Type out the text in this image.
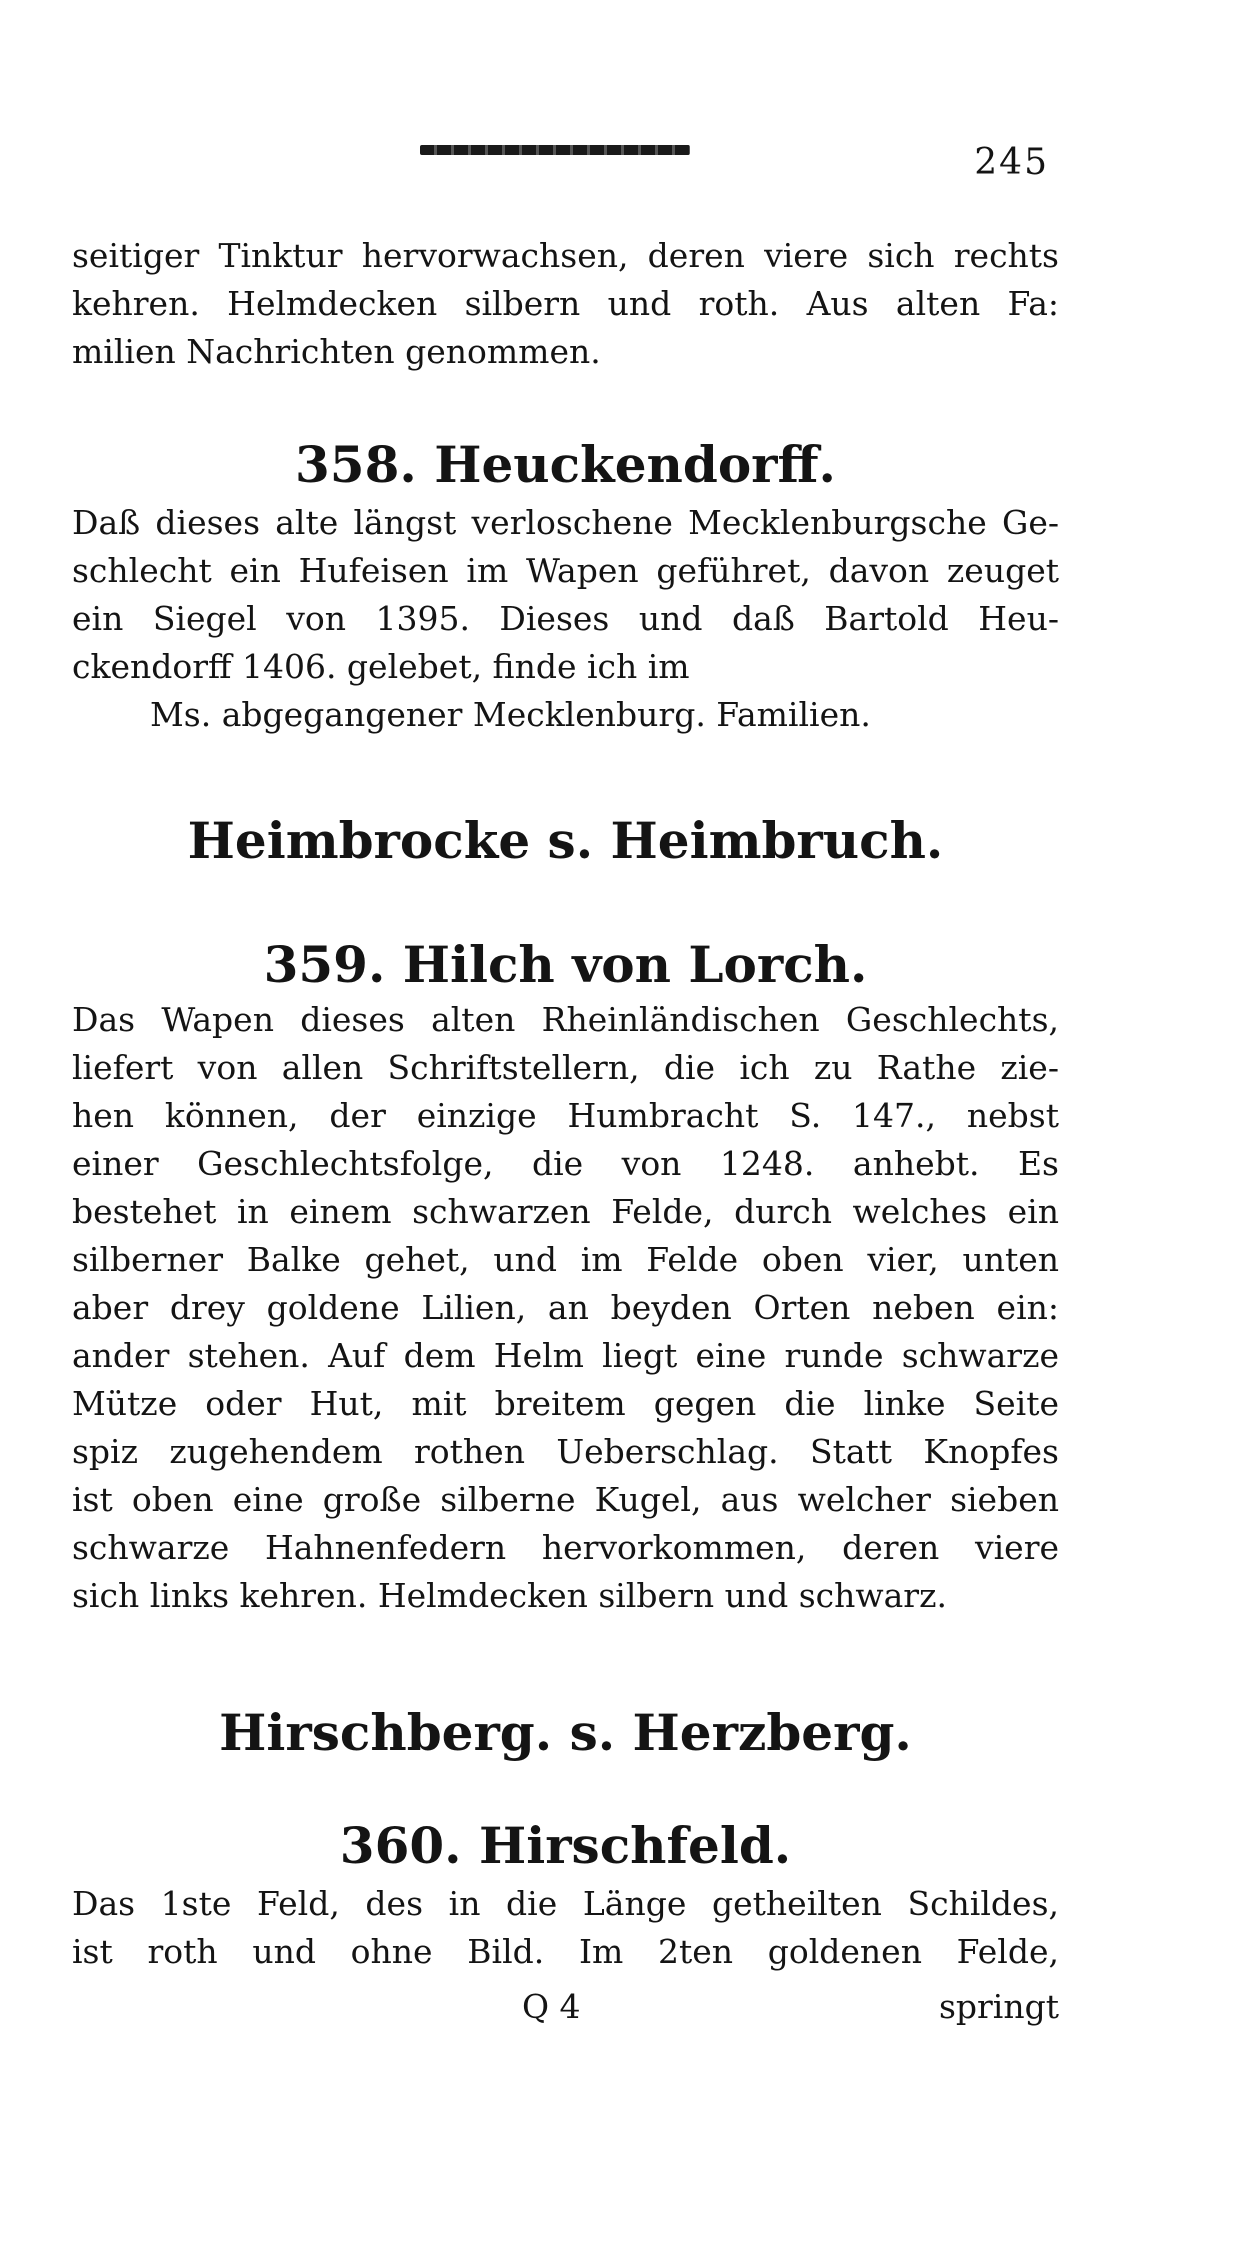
245
seitiger Tinktur hervorwachsen, deren viere sich rechts
kehren. Helmdecken silbern und roth. Aus alten Fa:
milien Nachrichten genommen.
358. Heuckendorff.
Daß dieses alte längst verloschene Mecklenburgsche Ge-
schlecht ein Hufeisen im Wapen geführet, davon zeuget
ein Siegel von 1395. Dieses und daß Bartold Heu-
ckendorff 1406. gelebet, finde ich im
Ms. abgegangener Mecklenburg. Familien.
Heimbrocke s. Heimbruch.
359. Hilch von Lorch.
Das Wapen dieses alten Rheinländischen Geschlechts,
liefert von allen Schriftstellern, die ich zu Rathe zie-
hen können, der einzige Humbracht S. 147., nebst
einer Geschlechtsfolge, die von 1248. anhebt. Es
bestehet in einem schwarzen Felde, durch welches ein
silberner Balke gehet, und im Felde oben vier, unten
aber drey goldene Lilien, an beyden Orten neben ein:
ander stehen. Auf dem Helm liegt eine runde schwarze
Mütze oder Hut, mit breitem gegen die linke Seite
spiz zugehendem rothen Ueberschlag. Statt Knopfes
ist oben eine große silberne Kugel, aus welcher sieben
schwarze Hahnenfedern hervorkommen, deren viere
sich links kehren. Helmdecken silbern und schwarz.
Hirschberg. s. Herzberg.
360. Hirschfeld.
Das 1ste Feld, des in die Länge getheilten Schildes,
ist roth und ohne Bild. Im 2ten goldenen Felde,
Q 4	springt
